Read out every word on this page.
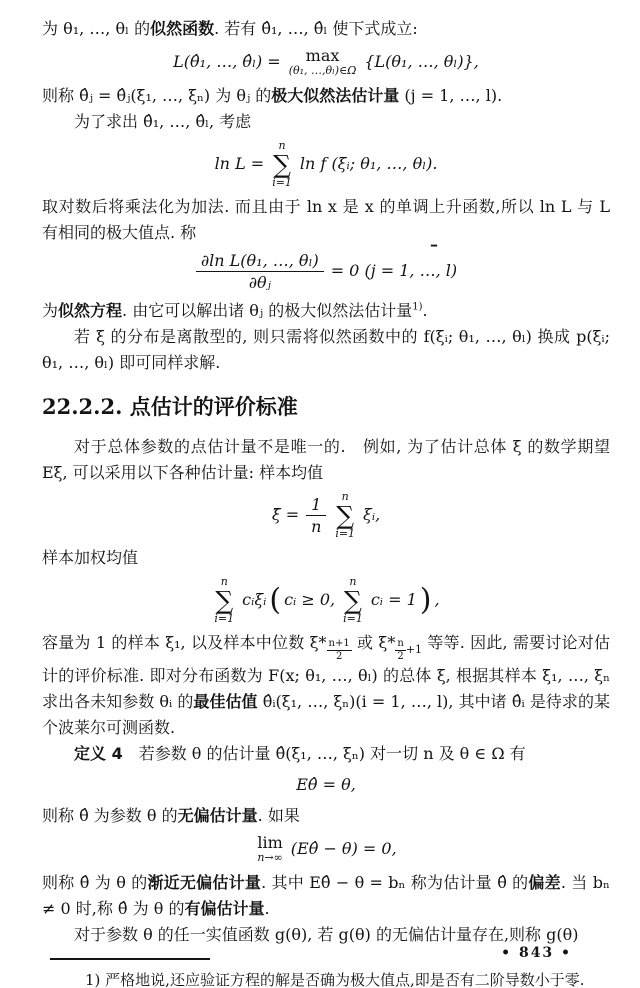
为 θ₁, …, θₗ 的似然函数. 若有 θ̂₁, …, θ̂ₗ 使下式成立:

L(θ̂₁, …, θ̂ₗ) = max
(θ₁, …,θₗ)∈Ω {L(θ₁, …, θₗ)},

则称 θ̂ⱼ = θ̂ⱼ(ξ₁, …, ξₙ) 为 θⱼ 的极大似然法估计量 (j = 1, …, l).

为了求出 θ̂₁, …, θ̂ₗ, 考虑

ln L =
n
∑
i=1
ln f (ξᵢ; θ₁, …, θₗ).

取对数后将乘法化为加法. 而且由于 ln x 是 x 的单调上升函数,所以 ln L 与 L 有相同的极大值点. 称

$\frac{\text{∂ln L(θ₁, …, θₗ)}}{\text{∂θⱼ}} = 0$ (j = 1, …, l)

为似然方程. 由它可以解出诸 θⱼ 的极大似然法估计量$^{1)}$.

若 ξ 的分布是离散型的, 则只需将似然函数中的 f(ξᵢ; θ₁, …, θₗ) 换成 p(ξᵢ; θ₁, …, θₗ) 即可同样求解.

22.2.2. 点估计的评价标准

对于总体参数的点估计量不是唯一的.　例如, 为了估计总体 ξ 的数学期望 Eξ, 可以采用以下各种估计量: 样本均值

ξ̄ = $\frac{1}{n}$ n
∑
i=1
ξᵢ,

样本加权均值

n
∑
i=1
cᵢξᵢ ( cᵢ ≥ 0,
n
∑
i=1
cᵢ = 1 ) ,

容量为 1 的样本 ξ₁, 以及样本中位数 $\xi* \frac{n+1}{2}$ 或 $\xi* \frac{n}{2} _{+1}$ 等等. 因此, 需要讨论对估计的评价标准. 即对分布函数为 F(x; θ₁, …, θₗ) 的总体 ξ, 根据其样本 ξ₁, …, ξₙ 求出各未知参数 θᵢ 的最佳估值 θ̂ᵢ(ξ₁, …, ξₙ)(i = 1, …, l), 其中诸 θ̂ᵢ 是待求的某个波莱尔可测函数.

定义 4　若参数 θ 的估计量 θ̂(ξ₁, …, ξₙ) 对一切 n 及 θ ∈ Ω 有

Eθ̂ = θ,

则称 θ̂ 为参数 θ 的无偏估计量. 如果

lim
n→∞ (Eθ̂ − θ) = 0,

则称 θ̂ 为 θ 的渐近无偏估计量. 其中 Eθ̂ − θ = bₙ 称为估计量 θ̂ 的偏差. 当 bₙ ≠ 0 时,称 θ̂ 为 θ 的有偏估计量.

对于参数 θ 的任一实值函数 g(θ), 若 g(θ) 的无偏估计量存在,则称 g(θ)

1) 严格地说,还应验证方程的解是否确为极大值点,即是否有二阶导数小于零.

–
• 843 •
